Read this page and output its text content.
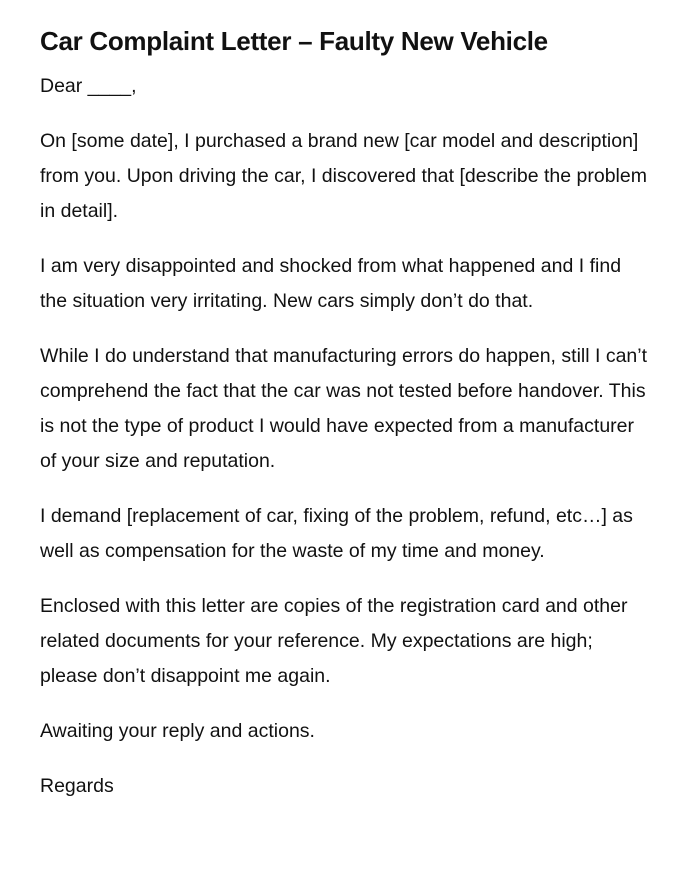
Car Complaint Letter – Faulty New Vehicle

Dear ____,

On [some date], I purchased a brand new [car model and description] from you. Upon driving the car, I discovered that [describe the problem in detail].

I am very disappointed and shocked from what happened and I find the situation very irritating. New cars simply don’t do that.

While I do understand that manufacturing errors do happen, still I can’t comprehend the fact that the car was not tested before handover. This is not the type of product I would have expected from a manufacturer of your size and reputation.

I demand [replacement of car, fixing of the problem, refund, etc…] as well as compensation for the waste of my time and money.

Enclosed with this letter are copies of the registration card and other related documents for your reference. My expectations are high; please don’t disappoint me again.

Awaiting your reply and actions.

Regards
